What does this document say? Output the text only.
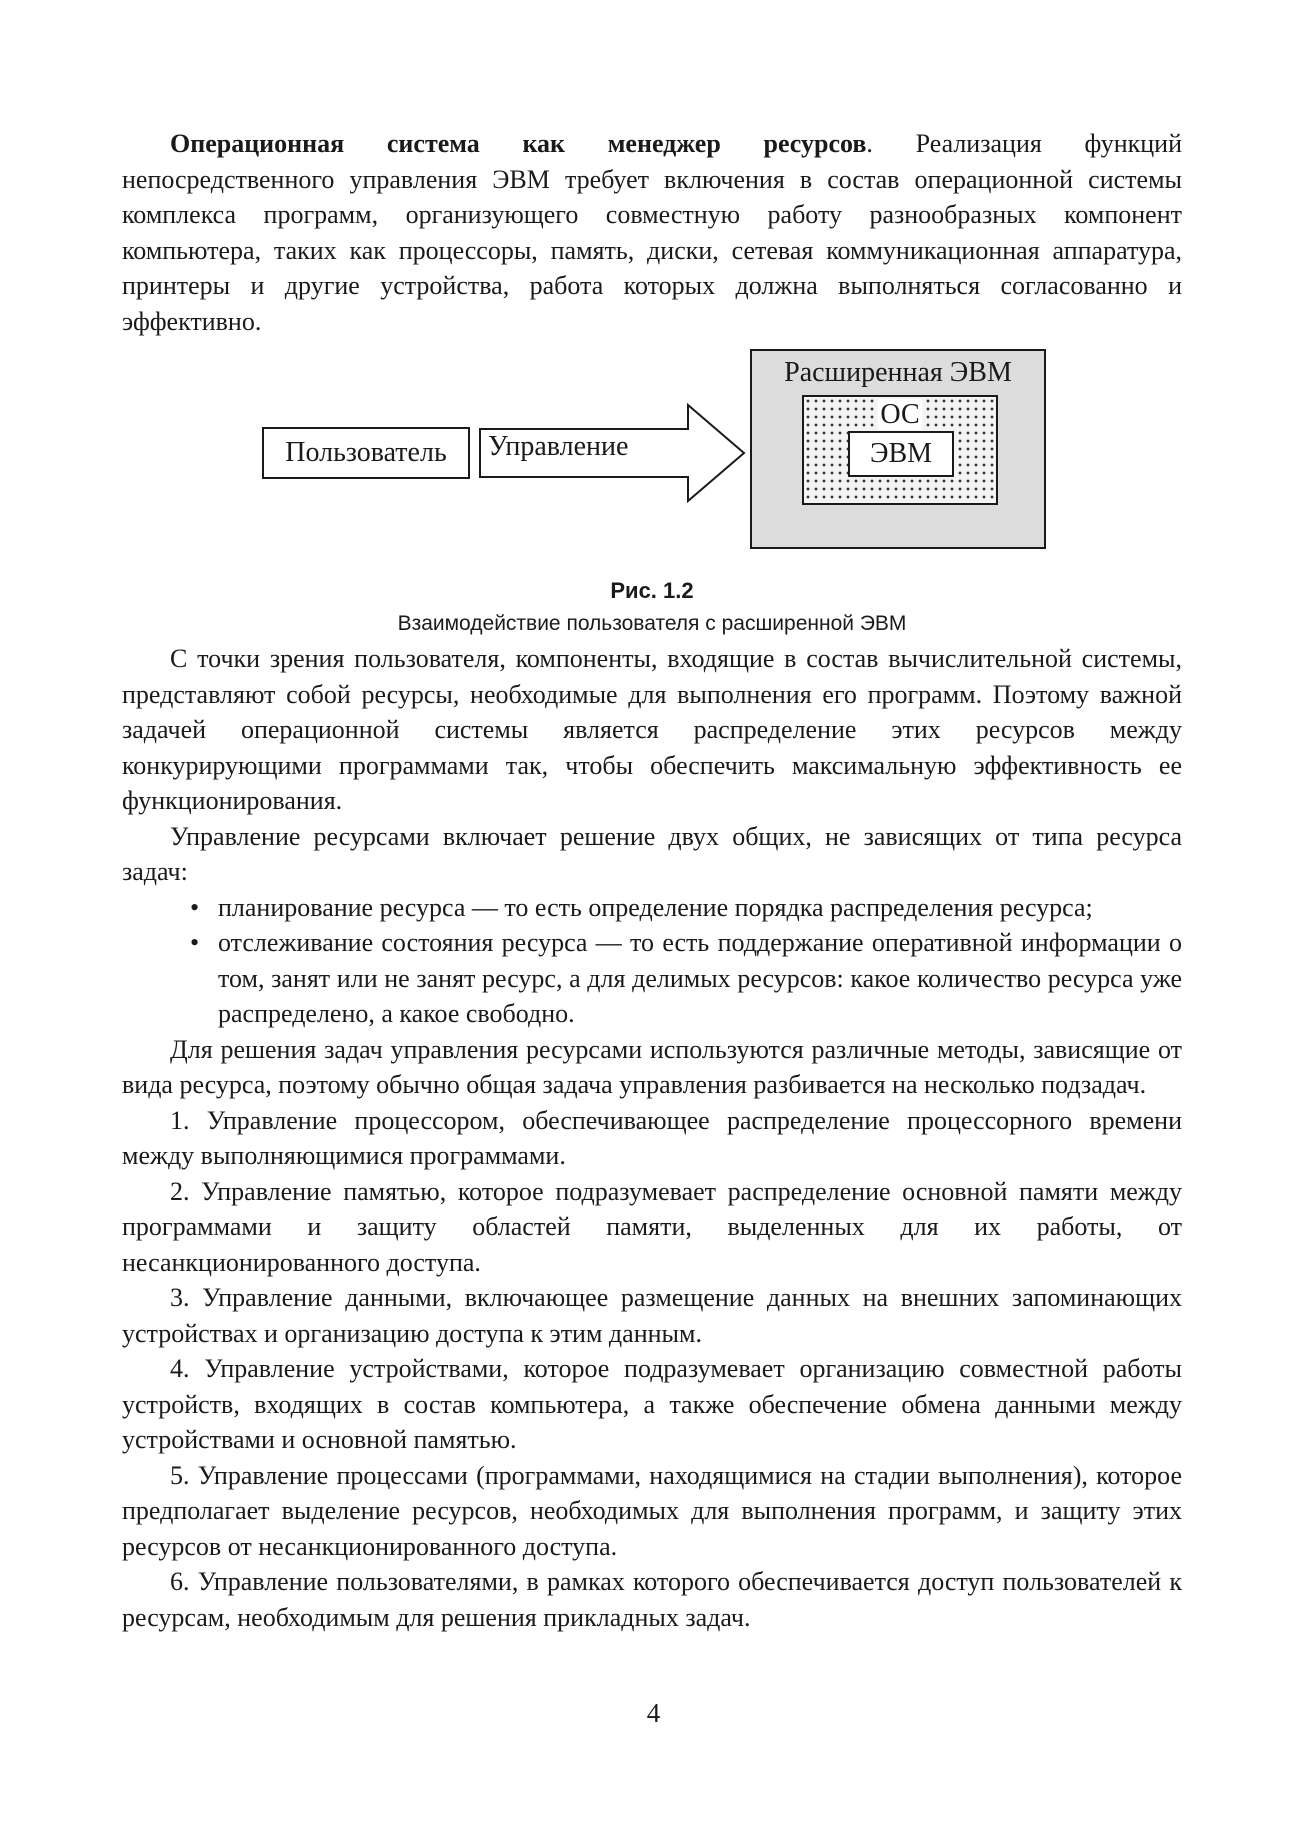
Операционная система как менеджер ресурсов. Реализация функций непосредственного управления ЭВМ требует включения в состав операционной системы комплекса программ, организующего совместную работу разнообразных компонент компьютера, таких как процессоры, память, диски, сетевая коммуникационная аппаратура, принтеры и другие устройства, работа которых должна выполняться согласованно и эффективно.

Пользователь	Управление
Расширенная ЭВМ
ОС
ЭВМ
Рис. 1.2
Взаимодействие пользователя с расширенной ЭВМ

С точки зрения пользователя, компоненты, входящие в состав вычислительной системы, представляют собой ресурсы, необходимые для выполнения его программ. Поэтому важной задачей операционной системы является распределение этих ресурсов между конкурирующими программами так, чтобы обеспечить максимальную эффективность ее функционирования.

Управление ресурсами включает решение двух общих, не зависящих от типа ресурса задач:

• планирование ресурса — то есть определение порядка распределения ресурса;
• отслеживание состояния ресурса — то есть поддержание оперативной информации о том, занят или не занят ресурс, а для делимых ресурсов: какое количество ресурса уже распределено, а какое свободно.

Для решения задач управления ресурсами используются различные методы, зависящие от вида ресурса, поэтому обычно общая задача управления разбивается на несколько подзадач.

1. Управление процессором, обеспечивающее распределение процессорного времени между выполняющимися программами.

2. Управление памятью, которое подразумевает распределение основной памяти между программами и защиту областей памяти, выделенных для их работы, от несанкционированного доступа.

3. Управление данными, включающее размещение данных на внешних запоминающих устройствах и организацию доступа к этим данным.

4. Управление устройствами, которое подразумевает организацию совместной работы устройств, входящих в состав компьютера, а также обеспечение обмена данными между устройствами и основной памятью.

5. Управление процессами (программами, находящимися на стадии выполнения), которое предполагает выделение ресурсов, необходимых для выполнения программ, и защиту этих ресурсов от несанкционированного доступа.

6. Управление пользователями, в рамках которого обеспечивается доступ пользователей к ресурсам, необходимым для решения прикладных задач.

4
